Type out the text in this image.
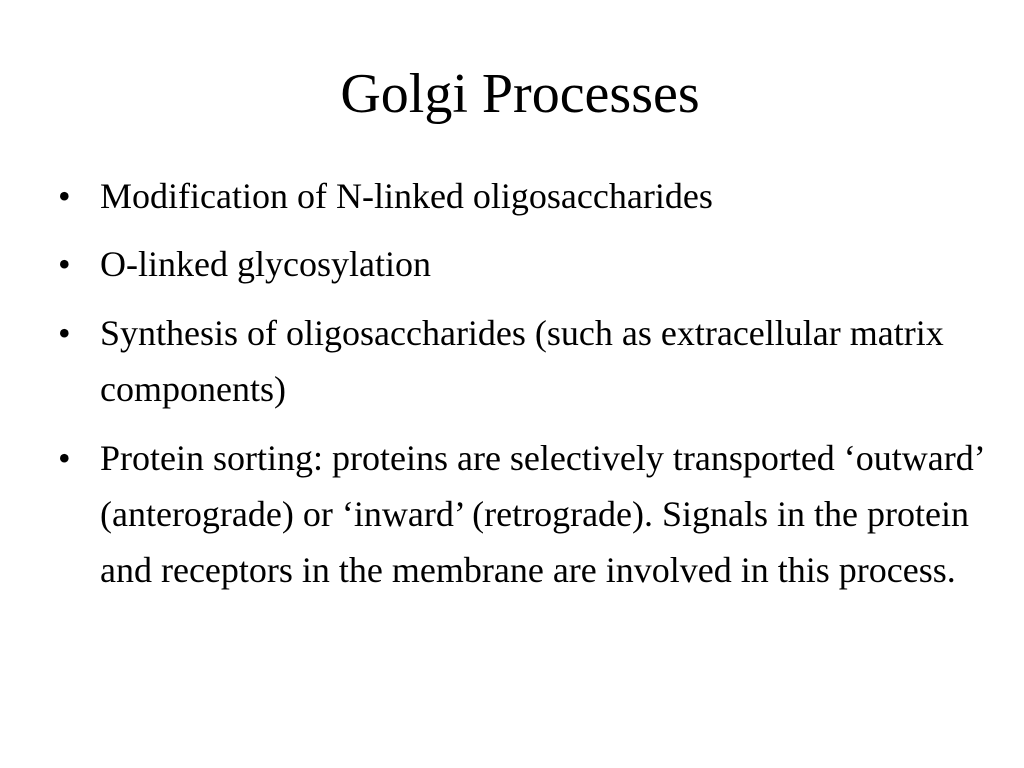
Golgi Processes
• Modification of N-linked oligosaccharides
• O-linked glycosylation
• Synthesis of oligosaccharides (such as extracellular matrix components)
• Protein sorting: proteins are selectively transported ‘outward’ (anterograde) or ‘inward’ (retrograde). Signals in the protein and receptors in the membrane are involved in this process.
